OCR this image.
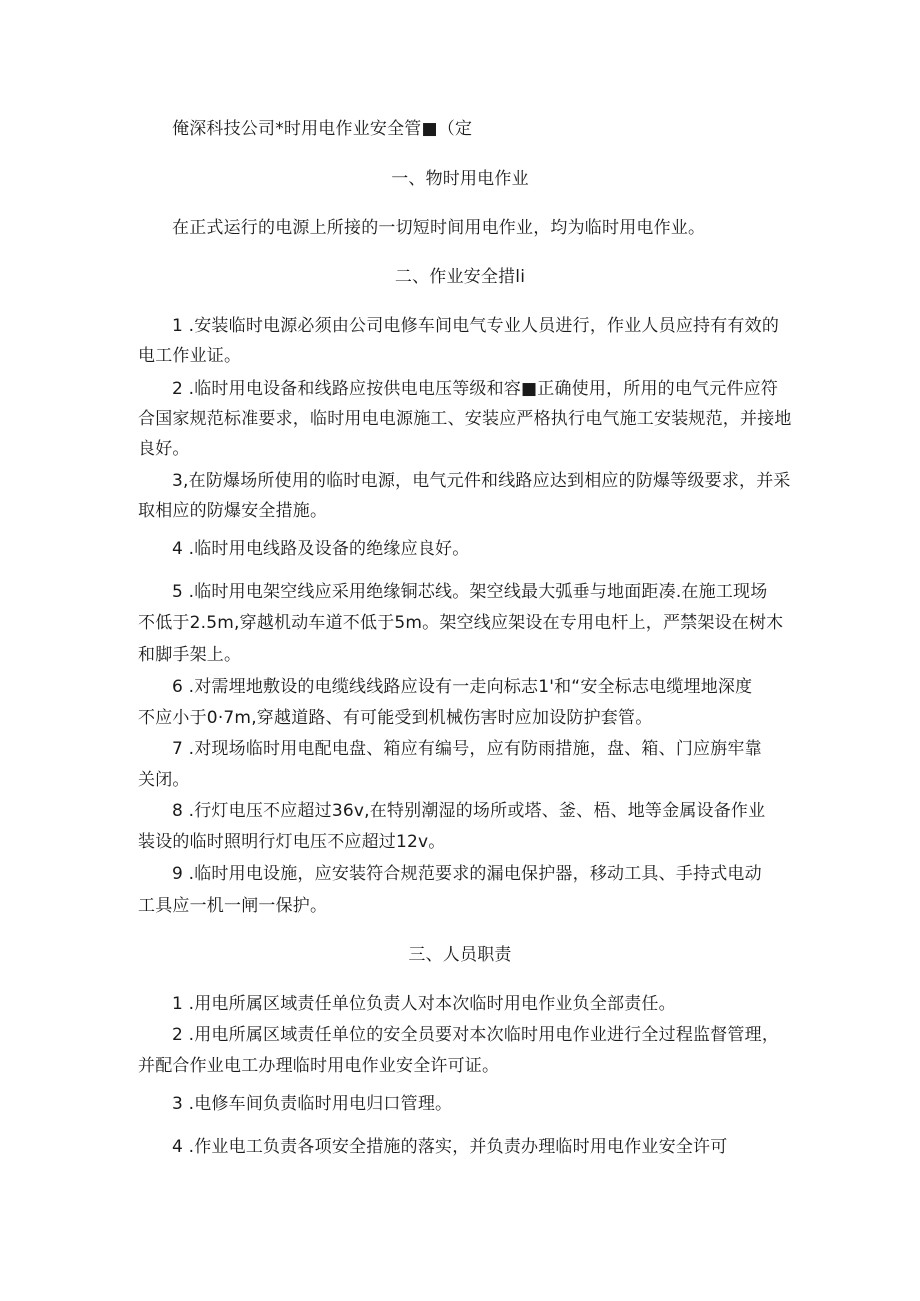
俺深科技公司*时用电作业安全管■（定
一、物时用电作业
在正式运行的电源上所接的一切短时间用电作业，均为临时用电作业。
二、作业安全措li
1 .安装临时电源必须由公司电修车间电气专业人员进行，作业人员应持有有效的
电工作业证。
2 .临时用电设备和线路应按供电电压等级和容■正确使用，所用的电气元件应符
合国家规范标准要求，临时用电电源施工、安装应严格执行电气施工安装规范，并接地
良好。
3,在防爆场所使用的临时电源，电气元件和线路应达到相应的防爆等级要求，并采
取相应的防爆安全措施。
4 .临时用电线路及设备的绝缘应良好。
5 .临时用电架空线应采用绝缘铜芯线。架空线最大弧垂与地面距凑.在施工现场
不低于2.5m,穿越机动车道不低于5m。架空线应架设在专用电杆上，严禁架设在树木
和脚手架上。
6 .对需埋地敷设的电缆线线路应设有一走向标志1'和“安全标志电缆埋地深度
不应小于0·7m,穿越道路、有可能受到机械伤害时应加设防护套管。
7 .对现场临时用电配电盘、箱应有编号，应有防雨措施，盘、箱、门应旃牢靠
关闭。
8 .行灯电压不应超过36v,在特别潮湿的场所或塔、釜、梧、地等金属设备作业
装设的临时照明行灯电压不应超过12v。
9 .临时用电设施，应安装符合规范要求的漏电保护器，移动工具、手持式电动
工具应一机一闸一保护。
三、人员职责
1 .用电所属区域责任单位负责人对本次临时用电作业负全部责任。
2 .用电所属区域责任单位的安全员要对本次临时用电作业进行全过程监督管理，
并配合作业电工办理临时用电作业安全许可证。
3 .电修车间负责临时用电归口管理。
4 .作业电工负责各项安全措施的落实，并负责办理临时用电作业安全许可
